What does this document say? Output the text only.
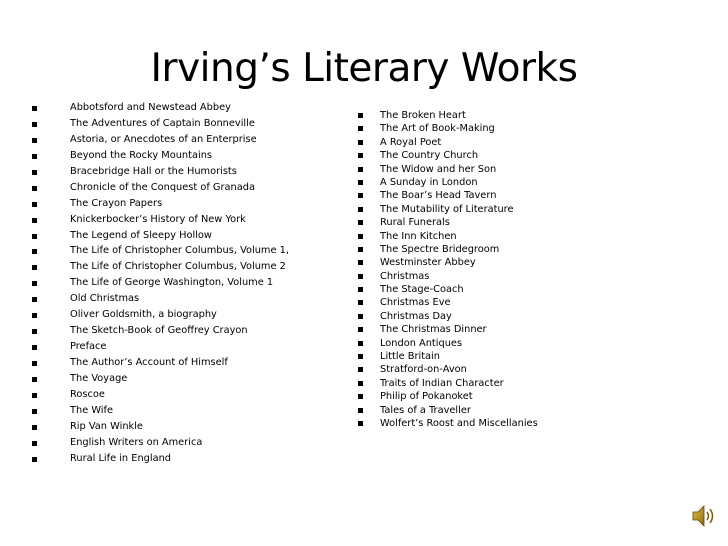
Irving’s Literary Works
Abbotsford and Newstead Abbey
The Adventures of Captain Bonneville
Astoria, or Anecdotes of an Enterprise
Beyond the Rocky Mountains
Bracebridge Hall or the Humorists
Chronicle of the Conquest of Granada
The Crayon Papers
Knickerbocker’s History of New York
The Legend of Sleepy Hollow
The Life of Christopher Columbus, Volume 1,
The Life of Christopher Columbus, Volume 2
The Life of George Washington, Volume 1
Old Christmas
Oliver Goldsmith, a biography
The Sketch-Book of Geoffrey Crayon
Preface
The Author’s Account of Himself
The Voyage
Roscoe
The Wife
Rip Van Winkle
English Writers on America
Rural Life in England
The Broken Heart
The Art of Book-Making
A Royal Poet
The Country Church
The Widow and her Son
A Sunday in London
The Boar’s Head Tavern
The Mutability of Literature
Rural Funerals
The Inn Kitchen
The Spectre Bridegroom
Westminster Abbey
Christmas
The Stage-Coach
Christmas Eve
Christmas Day
The Christmas Dinner
London Antiques
Little Britain
Stratford-on-Avon
Traits of Indian Character
Philip of Pokanoket
Tales of a Traveller
Wolfert’s Roost and Miscellanies
